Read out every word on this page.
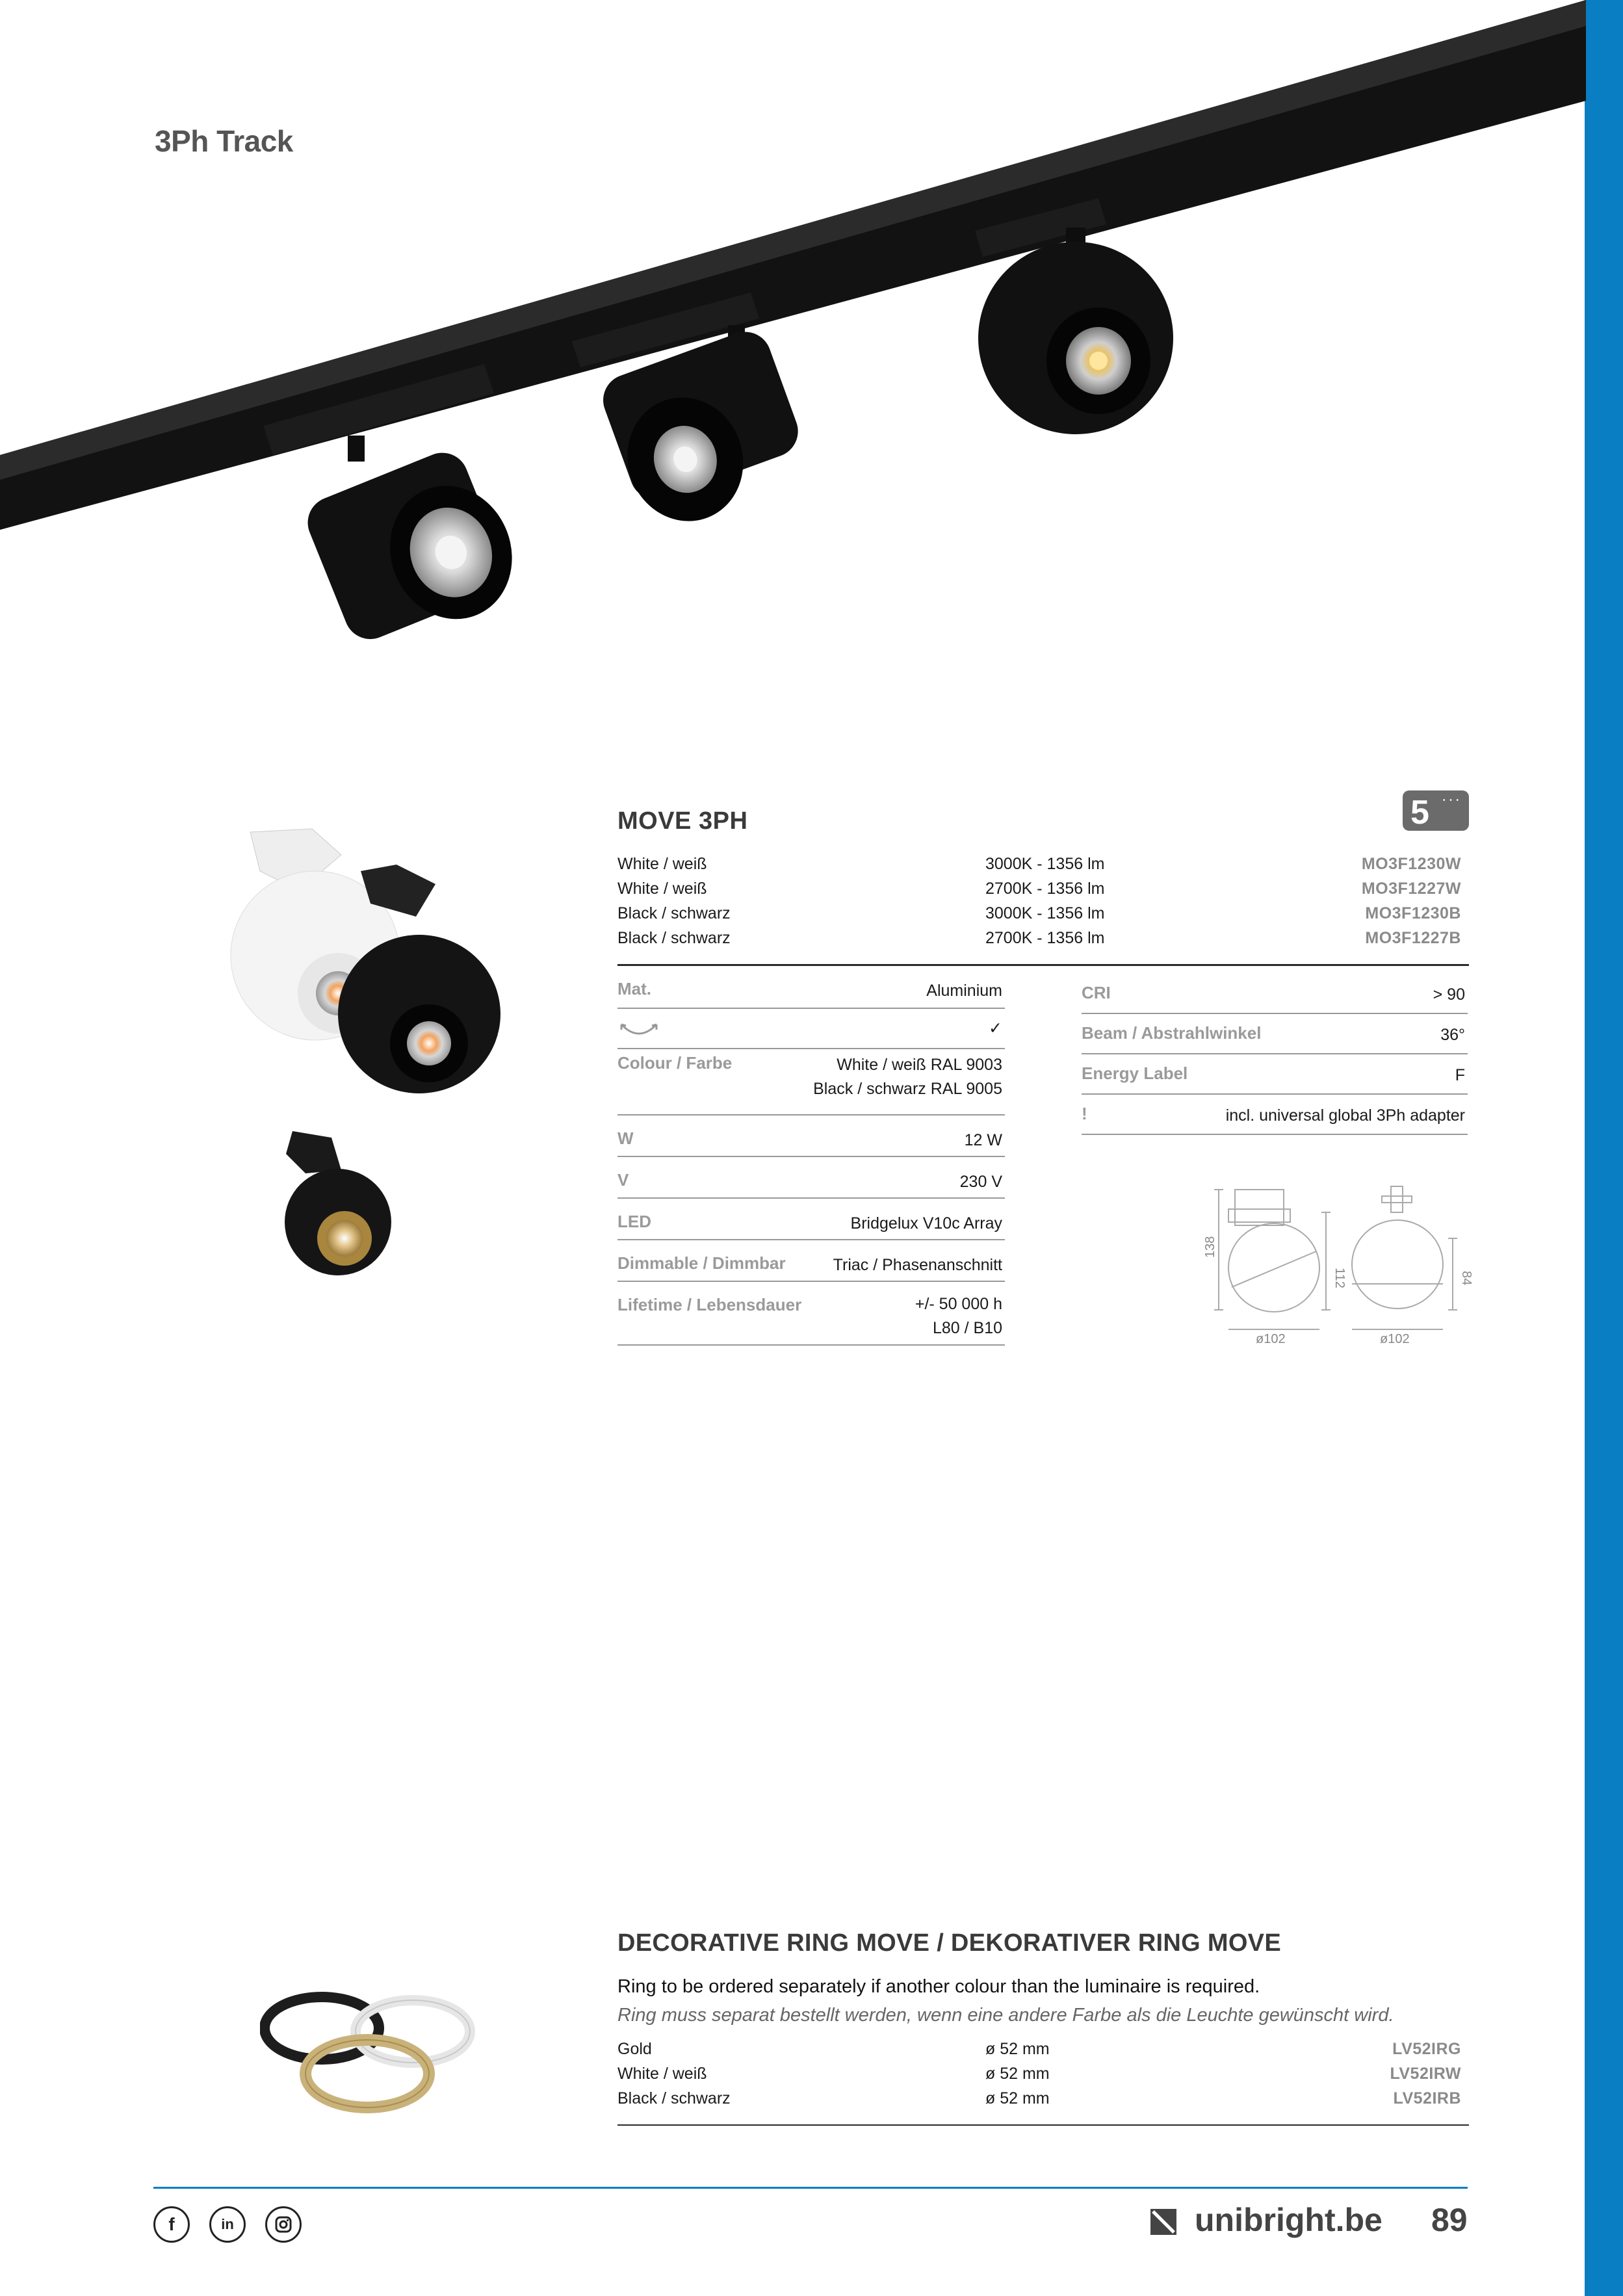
3Ph Track
MOVE 3PH	5 • • •
White / weiß	3000K - 1356 lm	MO3F1230W
White / weiß	2700K - 1356 lm	MO3F1227W
Black / schwarz	3000K - 1356 lm	MO3F1230B
Black / schwarz	2700K - 1356 lm	MO3F1227B
Mat.	Aluminium
✓
Colour / Farbe	White / weiß RAL 9003
Black / schwarz RAL 9005
W	12 W
V	230 V
LED	Bridgelux V10c Array
Dimmable / Dimmbar	Triac / Phasenanschnitt
Lifetime / Lebensdauer	+/- 50 000 h
L80 / B10
CRI	> 90
Beam / Abstrahlwinkel	36°
Energy Label	F
!	incl. universal global 3Ph adapter
138
112	84
ø102	ø102
DECORATIVE RING MOVE / DEKORATIVER RING MOVE
Ring to be ordered separately if another colour than the luminaire is required.
Ring muss separat bestellt werden, wenn eine andere Farbe als die Leuchte gewünscht wird.
Gold	ø 52 mm	LV52IRG
White / weiß	ø 52 mm	LV52IRW
Black / schwarz	ø 52 mm	LV52IRB
f	in	unibright.be 89
